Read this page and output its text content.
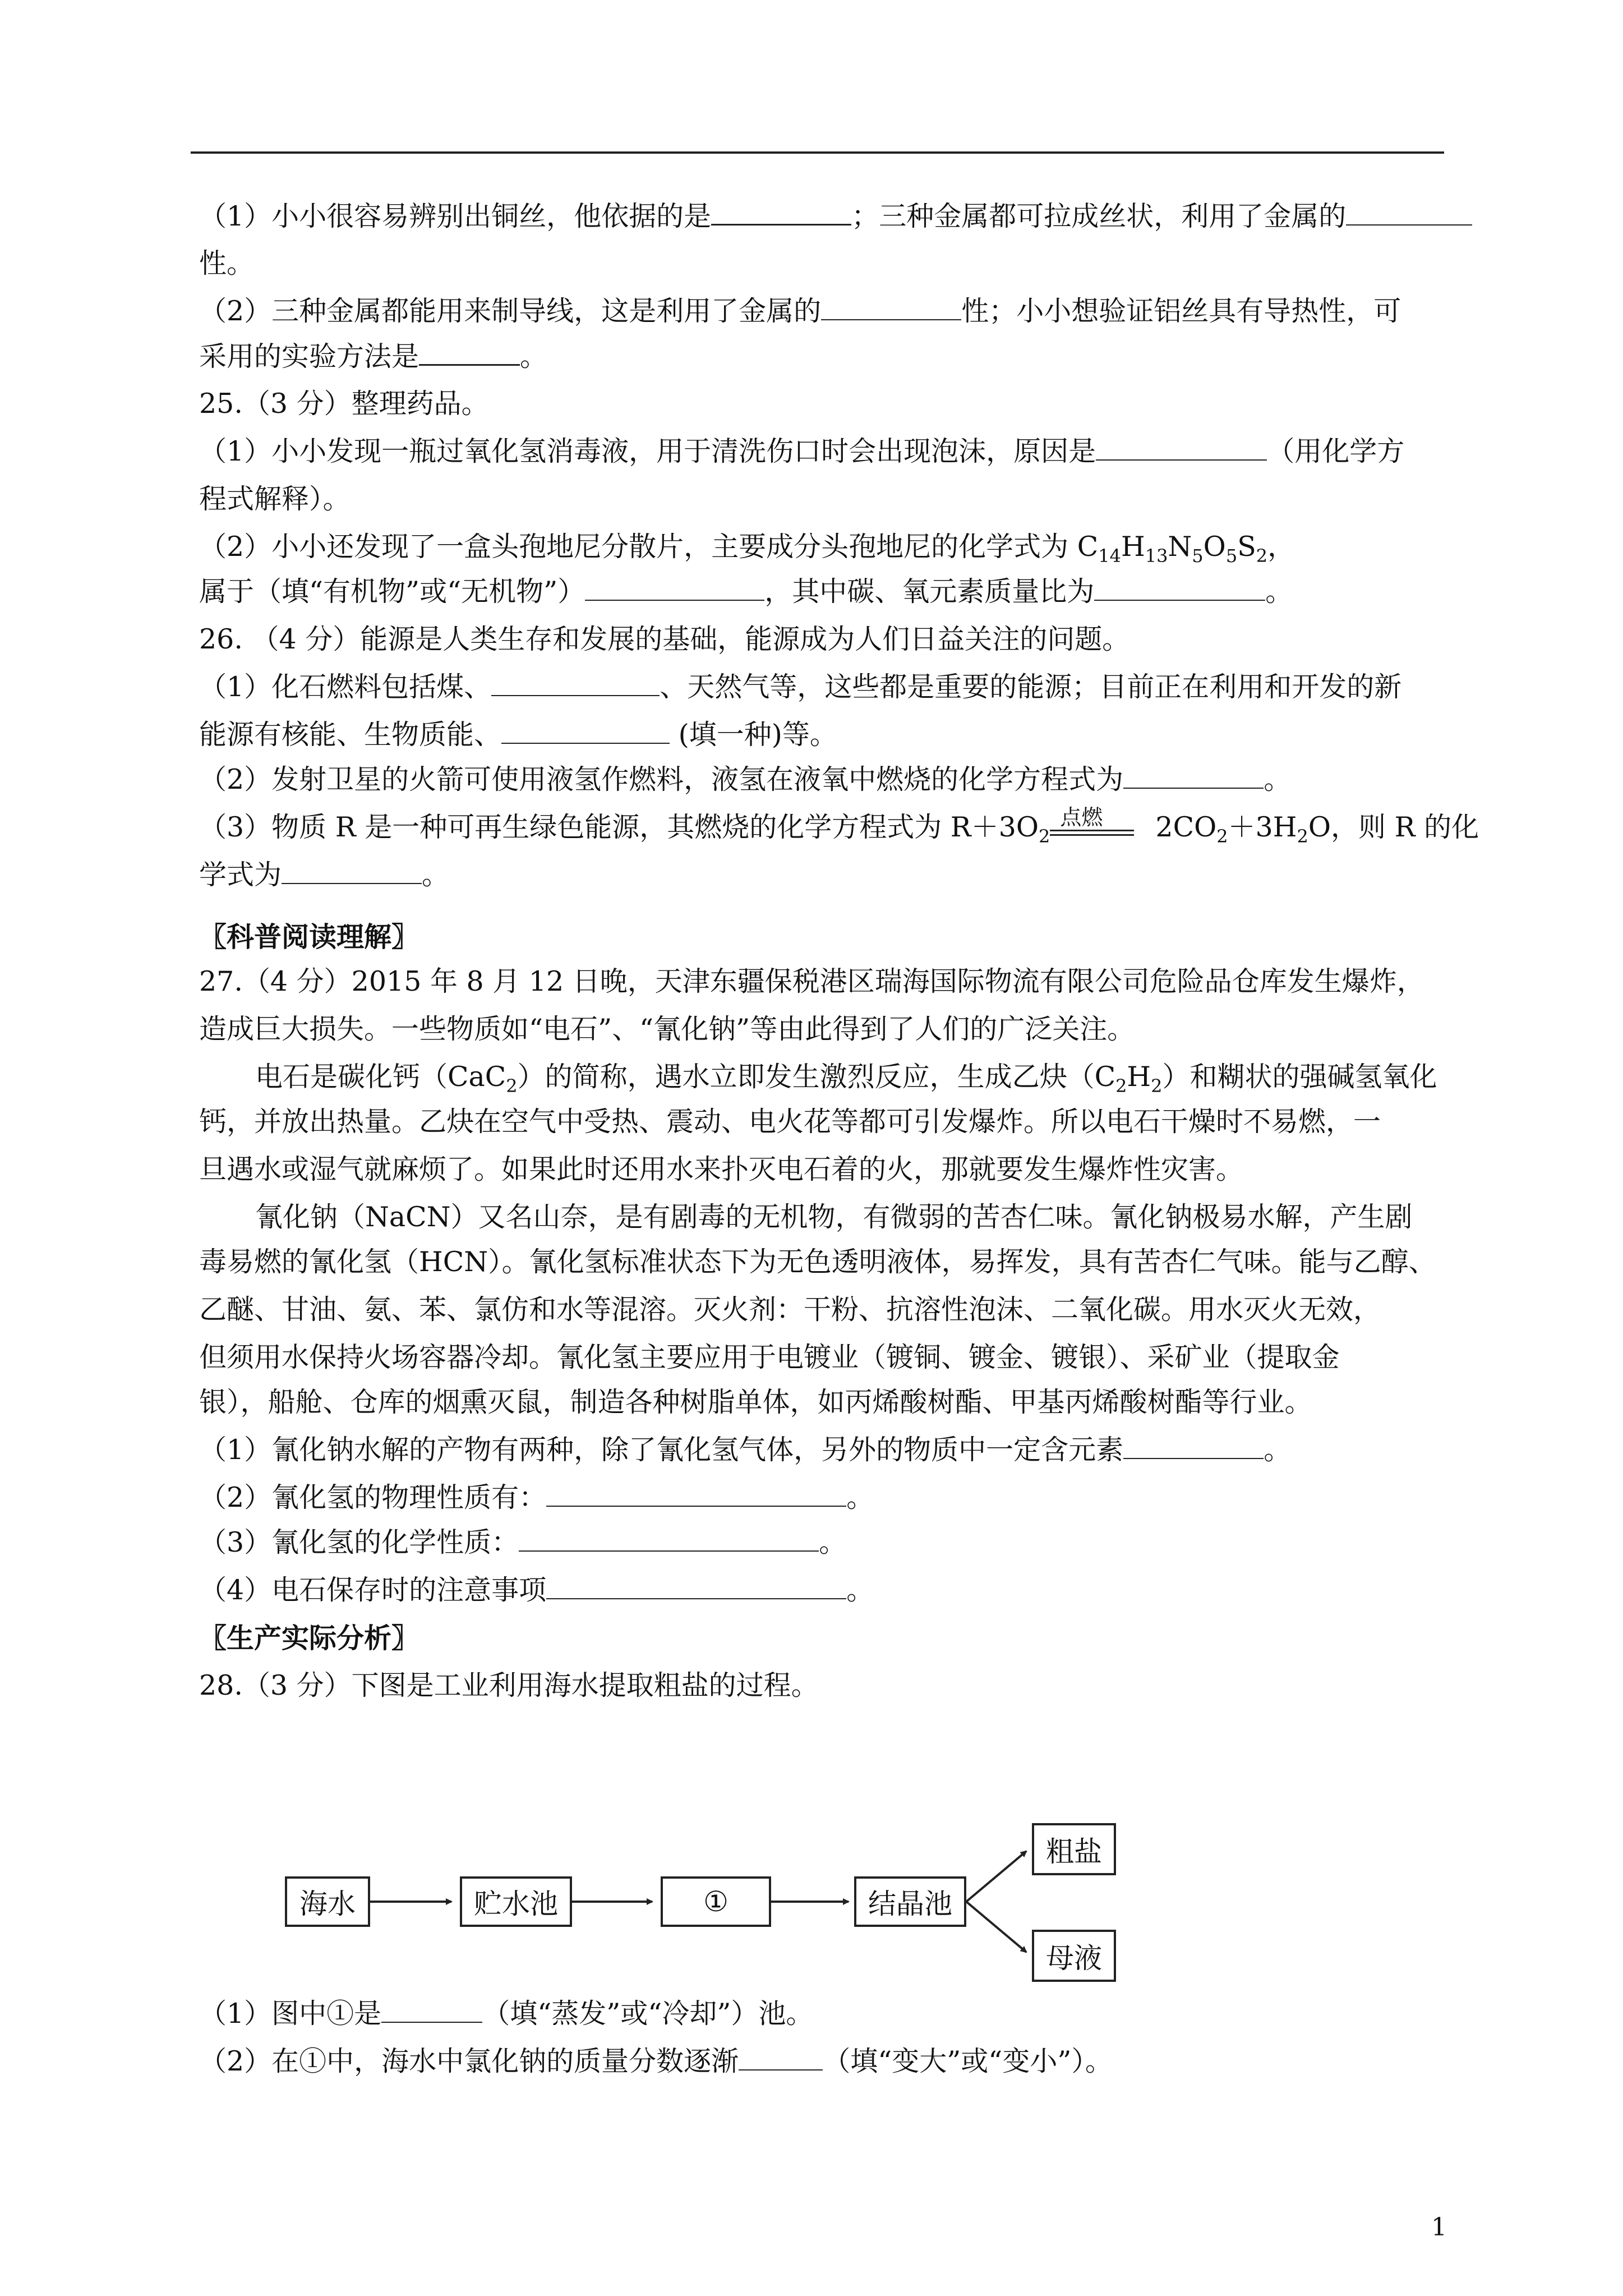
（1）小小很容易辨别出铜丝，他依据的是	；三种金属都可拉成丝状，利用了金属的
性。
（2）三种金属都能用来制导线，这是利用了金属的	性；小小想验证铝丝具有导热性，可
采用的实验方法是	。
25.（3 分）整理药品。
（1）小小发现一瓶过氧化氢消毒液，用于清洗伤口时会出现泡沫，原因是	（用化学方
程式解释）。
（2）小小还发现了一盒头孢地尼分散片，主要成分头孢地尼的化学式为 $C_{14}H_{13}N_5O_5S_2$，
属于（填“有机物”或“无机物”）	，其中碳、氧元素质量比为	。
26. （4 分）能源是人类生存和发展的基础，能源成为人们日益关注的问题。
（1）化石燃料包括煤、	、天然气等，这些都是重要的能源；目前正在利用和开发的新
能源有核能、生物质能、	(填一种)等。
（2）发射卫星的火箭可使用液氢作燃料，液氢在液氧中燃烧的化学方程式为	。
（3）物质 R 是一种可再生绿色能源，其燃烧的化学方程式为 $R+3O_2$
点燃 $2CO_2+3H_2O$，则 R 的化
学式为	。
〖科普阅读理解〗
27.（4 分）2015 年 8 月 12 日晚，天津东疆保税港区瑞海国际物流有限公司危险品仓库发生爆炸，
造成巨大损失。一些物质如“电石”、“氰化钠”等由此得到了人们的广泛关注。
电石是碳化钙（CaC$_2$）的简称，遇水立即发生激烈反应，生成乙炔$(C_2H_2)$和糊状的强碱氢氧化
钙，并放出热量。乙炔在空气中受热、震动、电火花等都可引发爆炸。所以电石干燥时不易燃，一
旦遇水或湿气就麻烦了。如果此时还用水来扑灭电石着的火，那就要发生爆炸性灾害。
氰化钠（NaCN）又名山奈，是有剧毒的无机物，有微弱的苦杏仁味。氰化钠极易水解，产生剧
毒易燃的氰化氢（HCN）。氰化氢标准状态下为无色透明液体，易挥发，具有苦杏仁气味。能与乙醇、
乙醚、甘油、氨、苯、氯仿和水等混溶。灭火剂：干粉、抗溶性泡沫、二氧化碳。用水灭火无效，
但须用水保持火场容器冷却。氰化氢主要应用于电镀业（镀铜、镀金、镀银）、采矿业（提取金
银），船舱、仓库的烟熏灭鼠，制造各种树脂单体，如丙烯酸树酯、甲基丙烯酸树酯等行业。
（1）氰化钠水解的产物有两种，除了氰化氢气体，另外的物质中一定含元素	。
（2）氰化氢的物理性质有：	。
（3）氰化氢的化学性质：	。
（4）电石保存时的注意事项	。
〖生产实际分析〗
28.（3 分）下图是工业利用海水提取粗盐的过程。
海水	贮水池	①	结晶池
粗盐
母液
（1）图中①是	（填“蒸发”或“冷却”）池。
（2）在①中，海水中氯化钠的质量分数逐渐	（填“变大”或“变小”）。
1
